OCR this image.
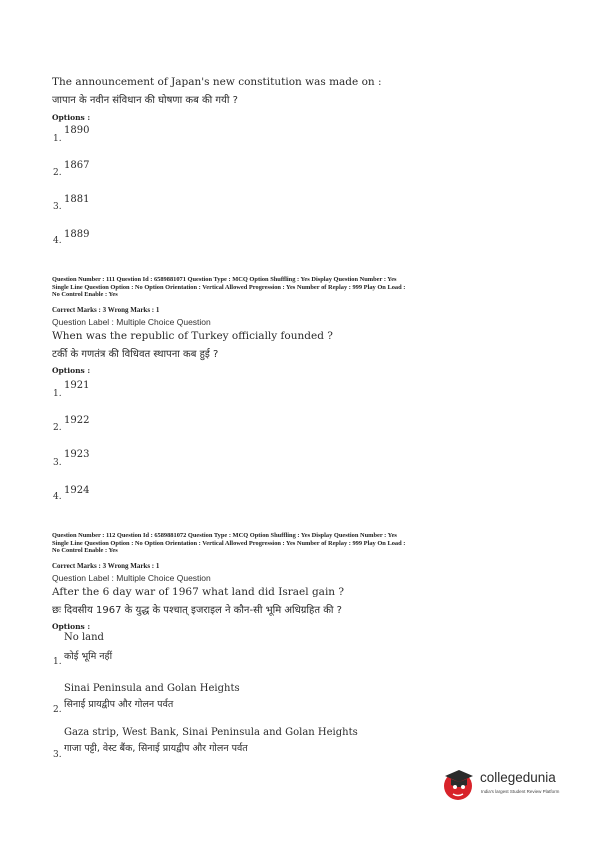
The announcement of Japan's new constitution was made on :
जापान के नवीन संविधान की घोषणा कब की गयी ?
Options :
1.
1890
2.
1867
3.
1881
4.
1889
Question Number : 111 Question Id : 6589881071 Question Type : MCQ Option Shuffling : Yes Display Question Number : Yes
Single Line Question Option : No Option Orientation : Vertical Allowed Progression : Yes Number of Replay : 999 Play On Load :
No Control Enable : Yes
Correct Marks : 3 Wrong Marks : 1
Question Label : Multiple Choice Question
When was the republic of Turkey officially founded ?
टर्की के गणतंत्र की विधिवत स्थापना कब हुई ?
Options :
1.
1921
2.
1922
3.
1923
4.
1924
Question Number : 112 Question Id : 6589881072 Question Type : MCQ Option Shuffling : Yes Display Question Number : Yes
Single Line Question Option : No Option Orientation : Vertical Allowed Progression : Yes Number of Replay : 999 Play On Load :
No Control Enable : Yes
Correct Marks : 3 Wrong Marks : 1
Question Label : Multiple Choice Question
After the 6 day war of 1967 what land did Israel gain ?
छः दिवसीय 1967 के युद्ध के पश्चात् इजराइल ने कौन-सी भूमि अधिग्रहित की ?
Options :
No land
1. कोई भूमि नहीं
Sinai Peninsula and Golan Heights
2. सिनाई प्रायद्वीप और गोलन पर्वत
Gaza strip, West Bank, Sinai Peninsula and Golan Heights
3.
गाजा पट्टी, वेस्ट बैंक, सिनाई प्रायद्वीप और गोलन पर्वत
collegedunia
India's largest Student Review Platform
